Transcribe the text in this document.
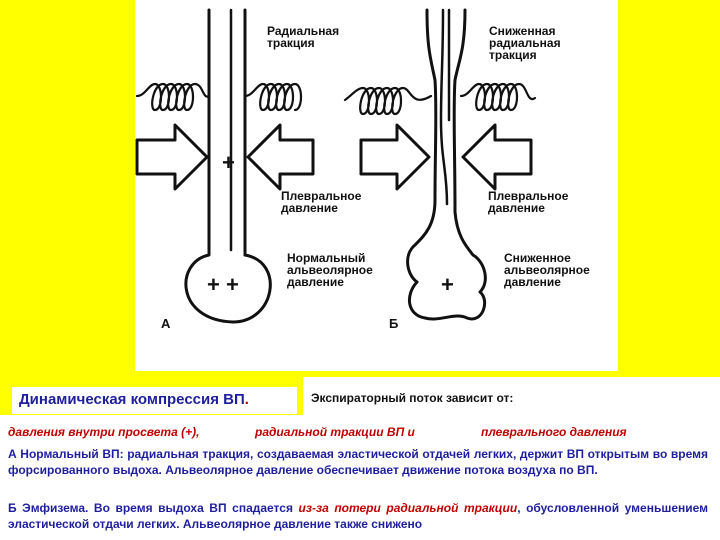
Радиальная
тракция
Плевральное
давление
Нормальный
альвеолярное
давление
+
+ +
А
Сниженная
радиальная
тракция
Плевральное
давление
Сниженное
альвеолярное
давление
+
Б
Динамическая компрессия ВП.	Экспираторный поток зависит от:
давления внутри просвета (+),	радиальной тракции ВП и	плеврального давления
А Нормальный ВП: радиальная тракция, создаваемая эластической отдачей легких, держит ВП открытым во время форсированного выдоха. Альвеолярное давление обеспечивает движение потока воздуха по ВП.
Б Эмфизема. Во время выдоха ВП спадается из-за потери радиальной тракции, обусловленной уменьшением эластической отдачи легких. Альвеолярное давление также снижено
